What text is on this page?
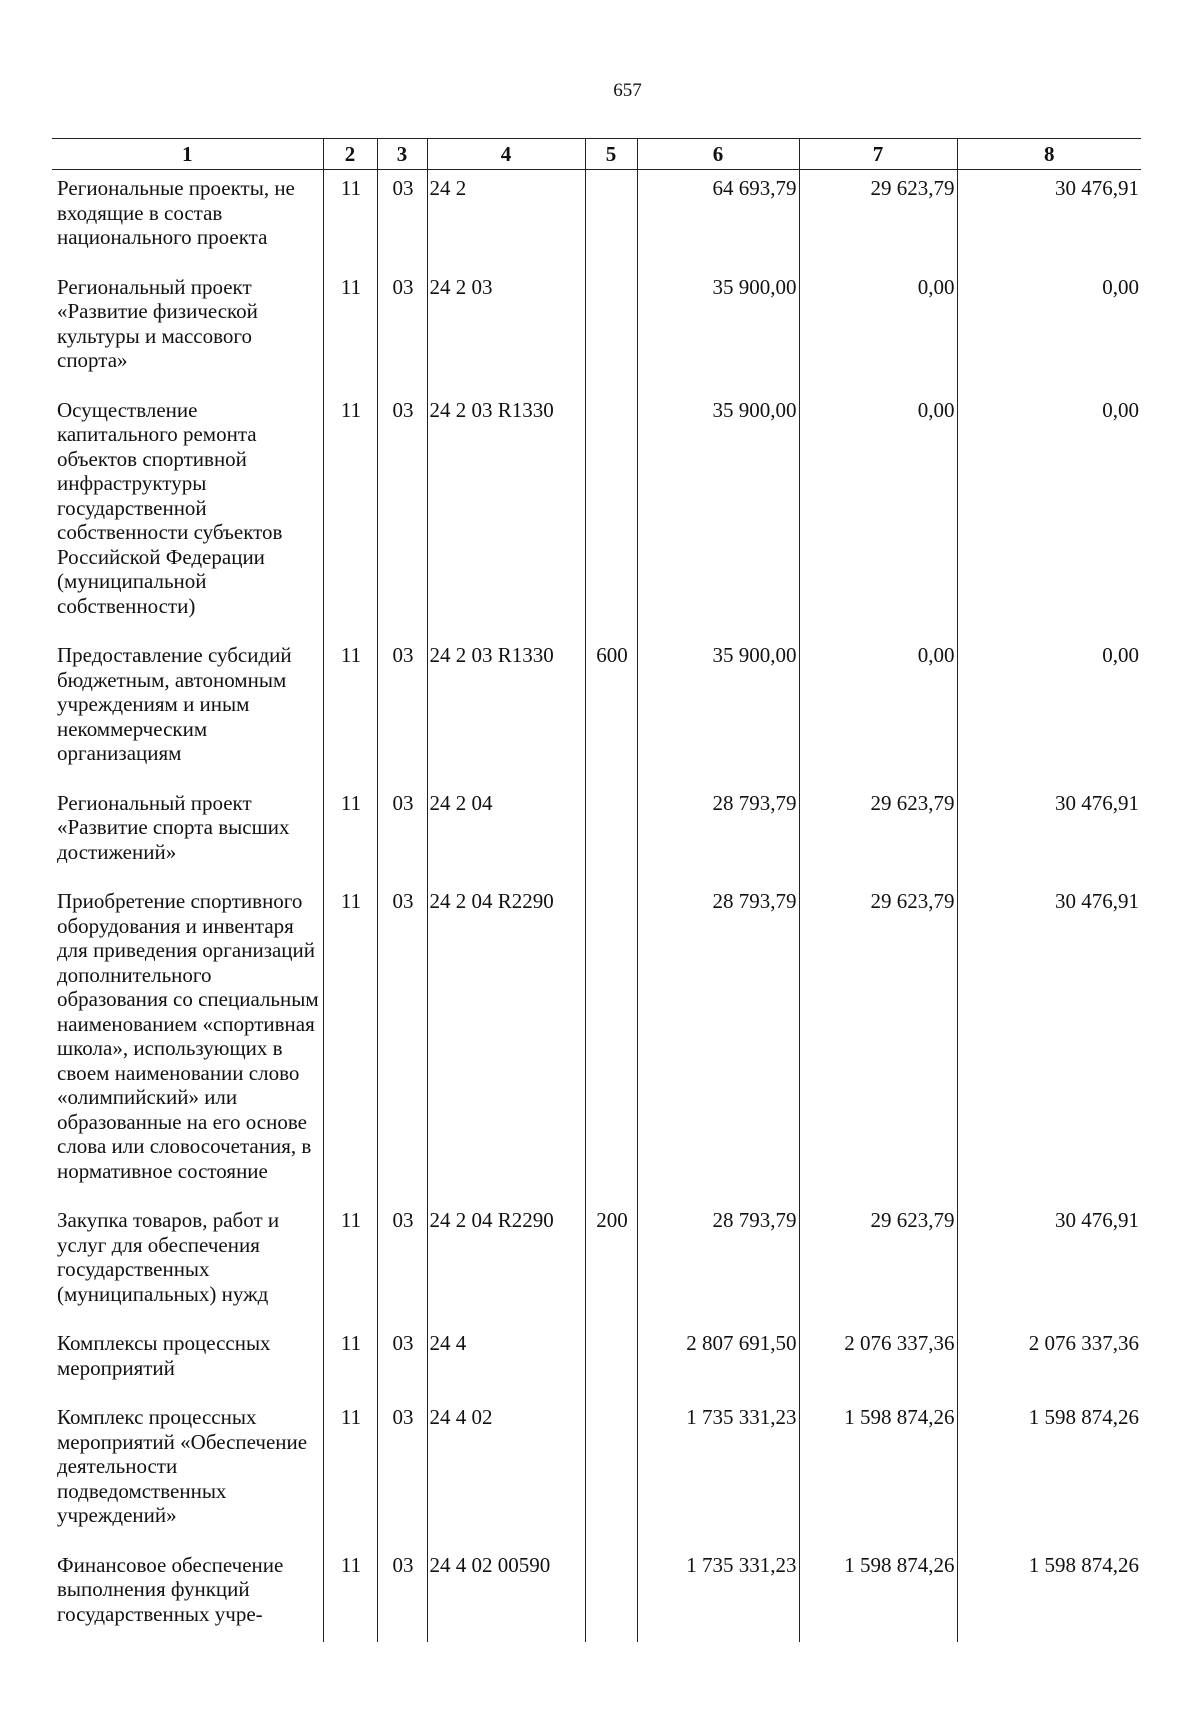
657
1	2	3	4	5	6	7	8
Региональные проекты, не входящие в состав национального проекта	11	03	24 2		64 693,79	29 623,79	30 476,91
Региональный проект «Развитие физической культуры и массового спорта»	11	03	24 2 03		35 900,00	0,00	0,00
Осуществление капитального ремонта объектов спортивной инфраструктуры государственной собственности субъектов Российской Федерации (муниципальной собственности)	11	03	24 2 03 R1330		35 900,00	0,00	0,00
Предоставление субсидий бюджетным, автономным учреждениям и иным некоммерческим организациям	11	03	24 2 03 R1330	600	35 900,00	0,00	0,00
Региональный проект «Развитие спорта высших достижений»	11	03	24 2 04		28 793,79	29 623,79	30 476,91
Приобретение спортивного оборудования и инвентаря для приведения организаций дополнительного образования со специальным наименованием «спортивная школа», использующих в своем наименовании слово «олимпийский» или образованные на его основе слова или словосочетания, в нормативное состояние	11	03	24 2 04 R2290		28 793,79	29 623,79	30 476,91
Закупка товаров, работ и услуг для обеспечения государственных (муниципальных) нужд	11	03	24 2 04 R2290	200	28 793,79	29 623,79	30 476,91
Комплексы процессных мероприятий	11	03	24 4		2 807 691,50	2 076 337,36	2 076 337,36
Комплекс процессных мероприятий «Обеспечение деятельности подведомственных учреждений»	11	03	24 4 02		1 735 331,23	1 598 874,26	1 598 874,26
Финансовое обеспечение выполнения функций государственных учре-	11	03	24 4 02 00590		1 735 331,23	1 598 874,26	1 598 874,26
